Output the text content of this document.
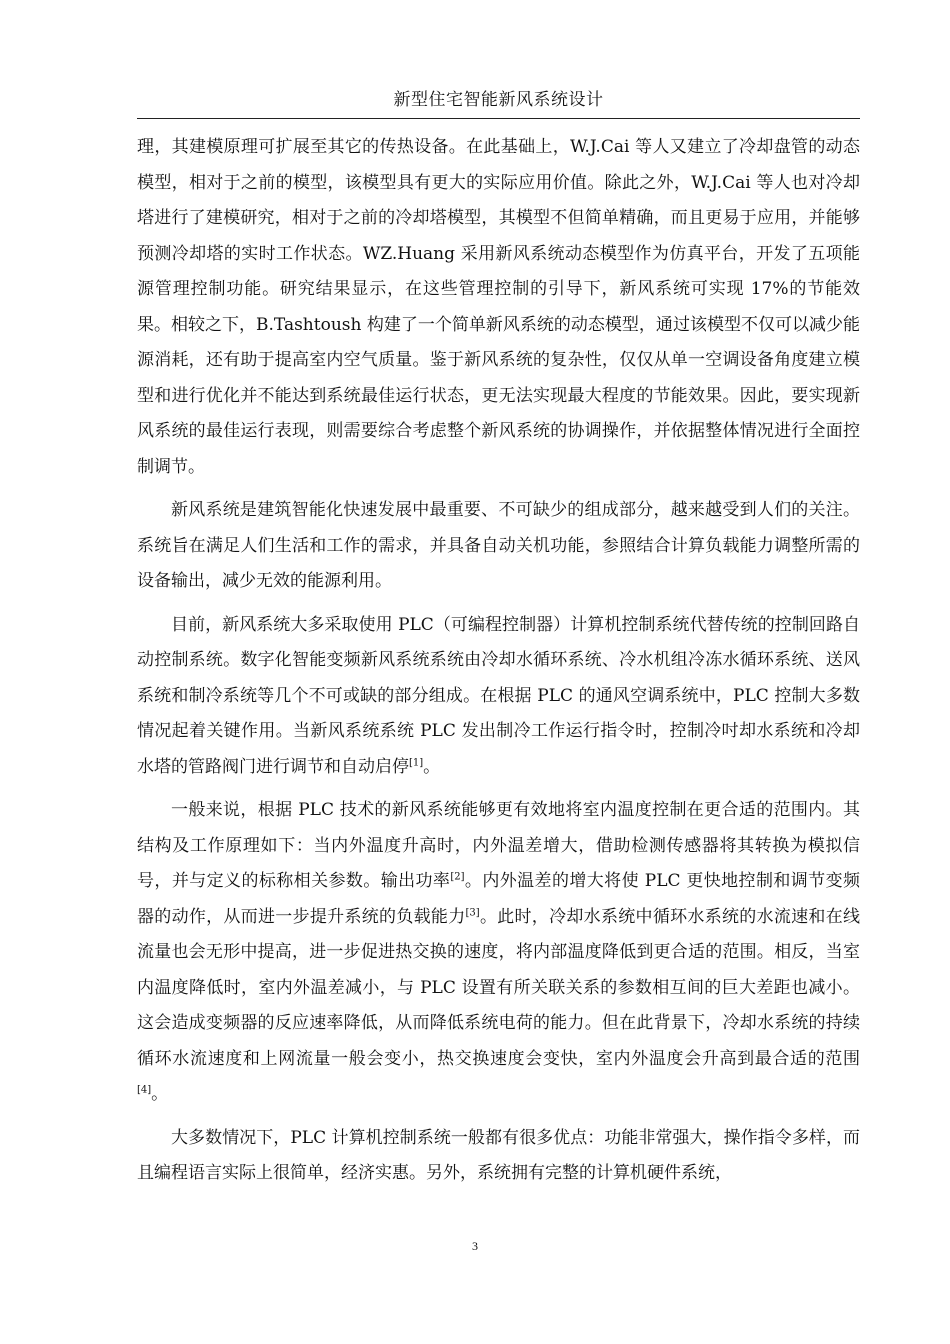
新型住宅智能新风系统设计

理，其建模原理可扩展至其它的传热设备。在此基础上，W.J.Cai 等人又建立了冷却盘管的动态模型，相对于之前的模型，该模型具有更大的实际应用价值。除此之外，W.J.Cai 等人也对冷却塔进行了建模研究，相对于之前的冷却塔模型，其模型不但简单精确，而且更易于应用，并能够预测冷却塔的实时工作状态。WZ.Huang 采用新风系统动态模型作为仿真平台，开发了五项能源管理控制功能。研究结果显示，在这些管理控制的引导下，新风系统可实现 17%的节能效果。相较之下，B.Tashtoush 构建了一个简单新风系统的动态模型，通过该模型不仅可以减少能源消耗，还有助于提高室内空气质量。鉴于新风系统的复杂性，仅仅从单一空调设备角度建立模型和进行优化并不能达到系统最佳运行状态，更无法实现最大程度的节能效果。因此，要实现新风系统的最佳运行表现，则需要综合考虑整个新风系统的协调操作，并依据整体情况进行全面控制调节。

新风系统是建筑智能化快速发展中最重要、不可缺少的组成部分，越来越受到人们的关注。系统旨在满足人们生活和工作的需求，并具备自动关机功能，参照结合计算负载能力调整所需的设备输出，减少无效的能源利用。

目前，新风系统大多采取使用 PLC（可编程控制器）计算机控制系统代替传统的控制回路自动控制系统。数字化智能变频新风系统系统由冷却水循环系统、冷水机组冷冻水循环系统、送风系统和制冷系统等几个不可或缺的部分组成。在根据 PLC 的通风空调系统中，PLC 控制大多数情况起着关键作用。当新风系统系统 PLC 发出制冷工作运行指令时，控制冷吋却水系统和冷却水塔的管路阀门进行调节和自动启停[1]。

一般来说，根据 PLC 技术的新风系统能够更有效地将室内温度控制在更合适的范围内。其结构及工作原理如下：当内外温度升高时，内外温差增大，借助检测传感器将其转换为模拟信号，并与定义的标称相关参数。输出功率[2]。内外温差的增大将使 PLC 更快地控制和调节变频器的动作，从而进一步提升系统的负载能力[3]。此时，冷却水系统中循环水系统的水流速和在线流量也会无形中提高，进一步促进热交换的速度，将内部温度降低到更合适的范围。相反，当室内温度降低时，室内外温差减小，与 PLC 设置有所关联关系的参数相互间的巨大差距也减小。这会造成变频器的反应速率降低，从而降低系统电荷的能力。但在此背景下，冷却水系统的持续循环水流速度和上网流量一般会变小，热交换速度会变快，室内外温度会升高到最合适的范围[4]。

大多数情况下，PLC 计算机控制系统一般都有很多优点：功能非常强大，操作指令多样，而且编程语言实际上很简单，经济实惠。另外，系统拥有完整的计算机硬件系统，

3
